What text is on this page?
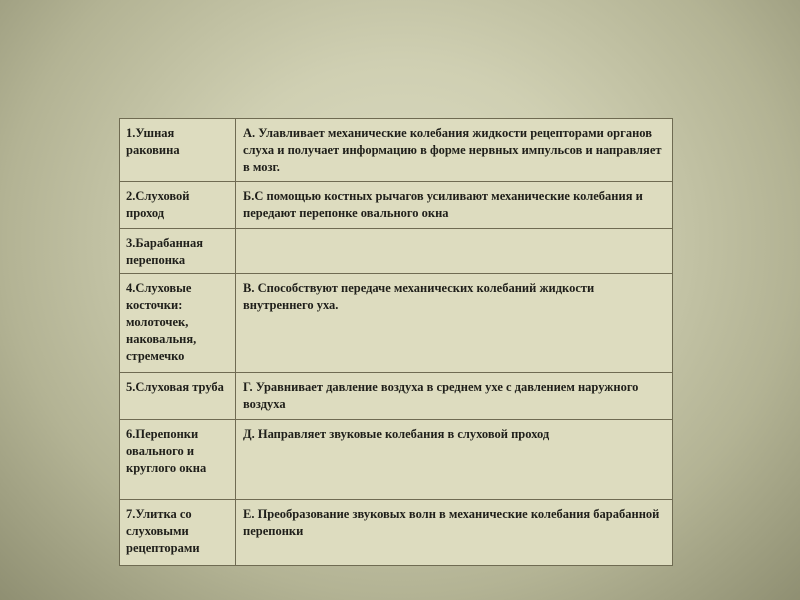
1.Ушная раковина	А. Улавливает механические колебания жидкости рецепторами органов слуха и получает информацию в форме нервных импульсов и направляет в мозг.
2.Слуховой проход	Б.С помощью костных рычагов усиливают механические колебания и передают перепонке овального окна
3.Барабанная перепонка	
4.Слуховые косточки: молоточек, наковальня, стремечко	В. Способствуют передаче механических колебаний жидкости внутреннего уха.
5.Слуховая труба	Г. Уравнивает давление воздуха в среднем ухе с давлением наружного воздуха
6.Перепонки овального и круглого окна	Д. Направляет звуковые колебания в слуховой проход
7.Улитка со слуховыми рецепторами	Е. Преобразование звуковых волн в механические колебания барабанной перепонки
